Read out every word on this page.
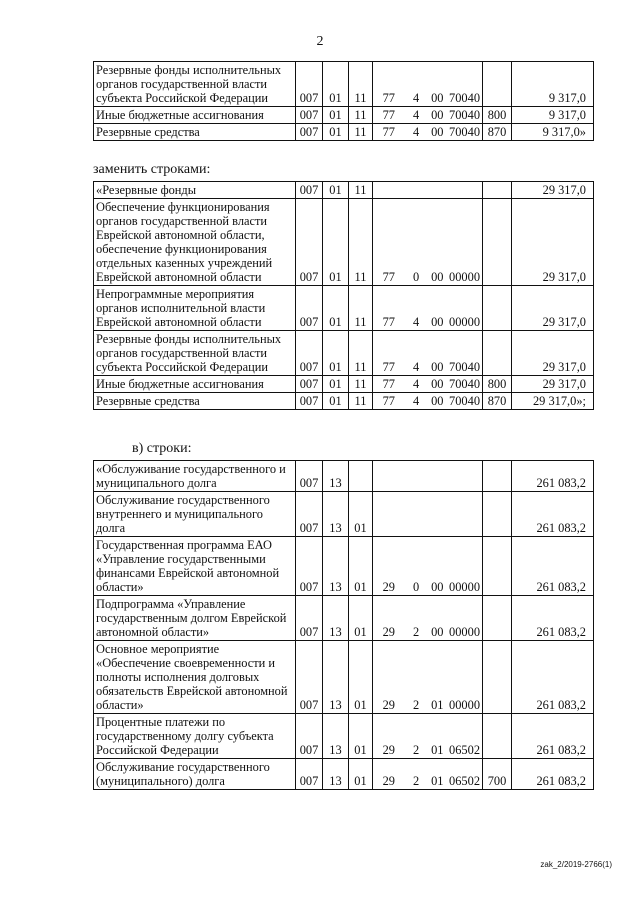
2
Резервные фонды исполнительных органов государственной власти субъекта Российской Федерации	007	01	11	77 4 00 70040		9 317,0
Иные бюджетные ассигнования	007	01	11	77 4 00 70040	800	9 317,0
Резервные средства	007	01	11	77 4 00 70040	870	9 317,0»
заменить строками:
«Резервные фонды	007	01	11			29 317,0
Обеспечение функционирования органов государственной власти Еврейской автономной области, обеспечение функционирования отдельных казенных учреждений Еврейской автономной области	007	01	11	77 0 00 00000		29 317,0
Непрограммные мероприятия органов исполнительной власти Еврейской автономной области	007	01	11	77 4 00 00000		29 317,0
Резервные фонды исполнительных органов государственной власти субъекта Российской Федерации	007	01	11	77 4 00 70040		29 317,0
Иные бюджетные ассигнования	007	01	11	77 4 00 70040	800	29 317,0
Резервные средства	007	01	11	77 4 00 70040	870	29 317,0»;
в) строки:
«Обслуживание государственного и муниципального долга	007	13				261 083,2
Обслуживание государственного внутреннего и муниципального долга	007	13	01			261 083,2
Государственная программа ЕАО «Управление государственными финансами Еврейской автономной области»	007	13	01	29 0 00 00000		261 083,2
Подпрограмма «Управление государственным долгом Еврейской автономной области»	007	13	01	29 2 00 00000		261 083,2
Основное мероприятие «Обеспечение своевременности и полноты исполнения долговых обязательств Еврейской автономной области»	007	13	01	29 2 01 00000		261 083,2
Процентные платежи по государственному долгу субъекта Российской Федерации	007	13	01	29 2 01 06502		261 083,2
Обслуживание государственного (муниципального) долга	007	13	01	29 2 01 06502	700	261 083,2
zak_2/2019-2766(1)
